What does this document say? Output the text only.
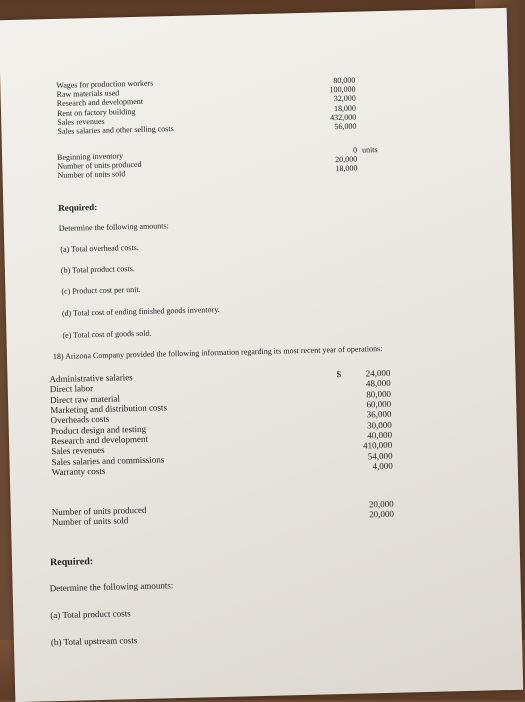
Wages for production workers
Raw materials used
Research and development
Rent on factory building
Sales revenues
Sales salaries and other selling costs
80,000
100,000
32,000
18,000
432,000
56,000
Beginning inventory
Number of units produced
Number of units sold
0
20,000
18,000
units
Required:
Determine the following amounts:
(a) Total overhead costs.
(b) Total product costs.
(c) Product cost per unit.
(d) Total cost of ending finished goods inventory.
(e) Total cost of goods sold.
18) Arizona Company provided the following information regarding its most recent year of operations:
Administrative salaries
Direct labor
Direct raw material
Marketing and distribution costs
Overheads costs
Product design and testing
Research and development
Sales revenues
Sales salaries and commissions
Warranty costs
$	24,000
48,000
80,000
60,000
36,000
30,000
40,000
410,000
54,000
4,000
Number of units produced
Number of units sold
20,000
20,000
Required:
Determine the following amounts:
(a) Total product costs
(b) Total upstream costs
